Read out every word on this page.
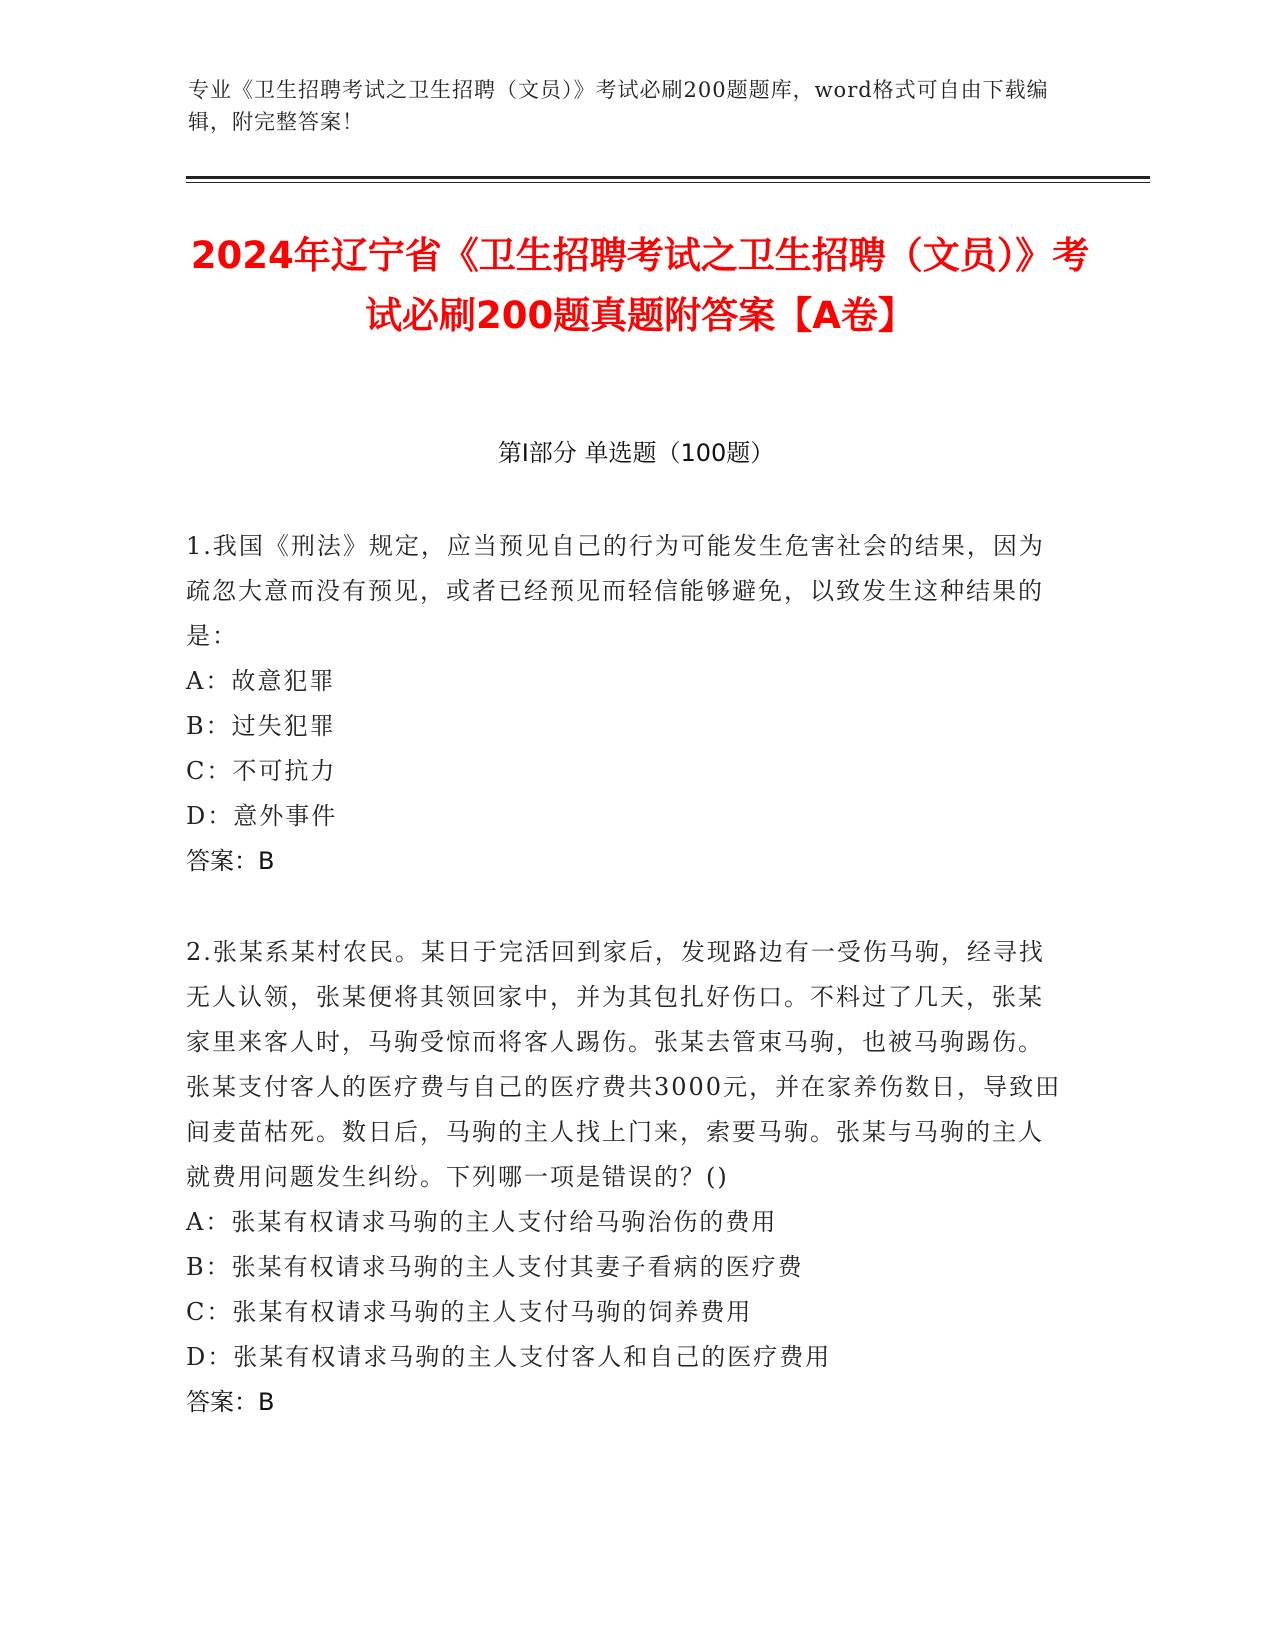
专业《卫生招聘考试之卫生招聘（文员）》考试必刷200题题库，word格式可自由下载编辑，附完整答案！
2024年辽宁省《卫生招聘考试之卫生招聘（文员）》考试必刷200题真题附答案【A卷】
第Ⅰ部分 单选题（100题）

1.我国《刑法》规定，应当预见自己的行为可能发生危害社会的结果，因为疏忽大意而没有预见，或者已经预见而轻信能够避免，以致发生这种结果的是：

A：故意犯罪

B：过失犯罪

C：不可抗力

D：意外事件

答案：B

2.张某系某村农民。某日于完活回到家后，发现路边有一受伤马驹，经寻找无人认领，张某便将其领回家中，并为其包扎好伤口。不料过了几天，张某家里来客人时，马驹受惊而将客人踢伤。张某去管束马驹，也被马驹踢伤。张某支付客人的医疗费与自己的医疗费共3000元，并在家养伤数日，导致田间麦苗枯死。数日后，马驹的主人找上门来，索要马驹。张某与马驹的主人就费用问题发生纠纷。下列哪一项是错误的？()

A：张某有权请求马驹的主人支付给马驹治伤的费用

B：张某有权请求马驹的主人支付其妻子看病的医疗费

C：张某有权请求马驹的主人支付马驹的饲养费用

D：张某有权请求马驹的主人支付客人和自己的医疗费用

答案：B
